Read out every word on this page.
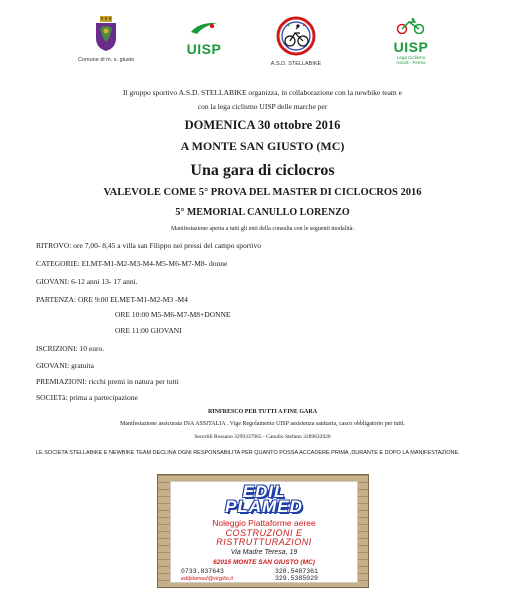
Comune di m. s. giusto
UISP
A.S.D. STELLABIKE
UISP
Lega Ciclismo
Ascoli - Fermo
Il gruppo sportivo A.S.D. STELLABIKE organizza, in collaborazione con la newbike team e
con la lega ciclismo UISP delle marche per
DOMENICA 30 ottobre 2016
A MONTE SAN GIUSTO (MC)
Una gara di ciclocros
VALEVOLE COME 5° PROVA DEL MASTER DI CICLOCROS 2016
5° MEMORIAL CANULLO LORENZO
Manifestazione aperta a tutti gli enti della consulta con le seguenti modalità:
RITROVO: ore 7,00- 8,45 a villa san Filippo nei pressi del campo sportivo
CATEGORIE: ELMT-M1-M2-M3-M4-M5-M6-M7-M8- donne
GIOVANI: 6-12 anni 13- 17 anni.
PARTENZA: ORE 9:00 ELMET-M1-M2-M3 -M4
ORE 10:00 M5-M6-M7-M8+DONNE
ORE 11:00 GIOVANI
ISCRIZIONI: 10 euro.
GIOVANI: gratuita
PREMIAZIONI: ricchi premi in natura per tutti
SOCIETà: prima a partecipazione
RINFRESCO PER TUTTI A FINE GARA
Manifestazione assicurata INA ASSITALIA . Vige Regolamento UISP assistenza sanitaria, casco obbligatorio per tutti.
Secerilli Rossano 3299337965 - Canullo Stefano 3289832928
LE SOCIETA STELLABIKE E NEWBIKE TEAM DECLINA OGNI RESPONSABILITA PER QUANTO POSSA ACCADERE PRIMA ,DURANTE E DOPO LA MANIFESTAZIONE.
EDIL
PLAMED
Noleggio Piattaforme aeree
COSTRUZIONI E
RISTRUTTURAZIONI
Via Madre Teresa, 19
62015 MONTE SAN GIUSTO (MC)
0733.837643	328.5487361
edilplamed@virgilio.it	329.5385029
